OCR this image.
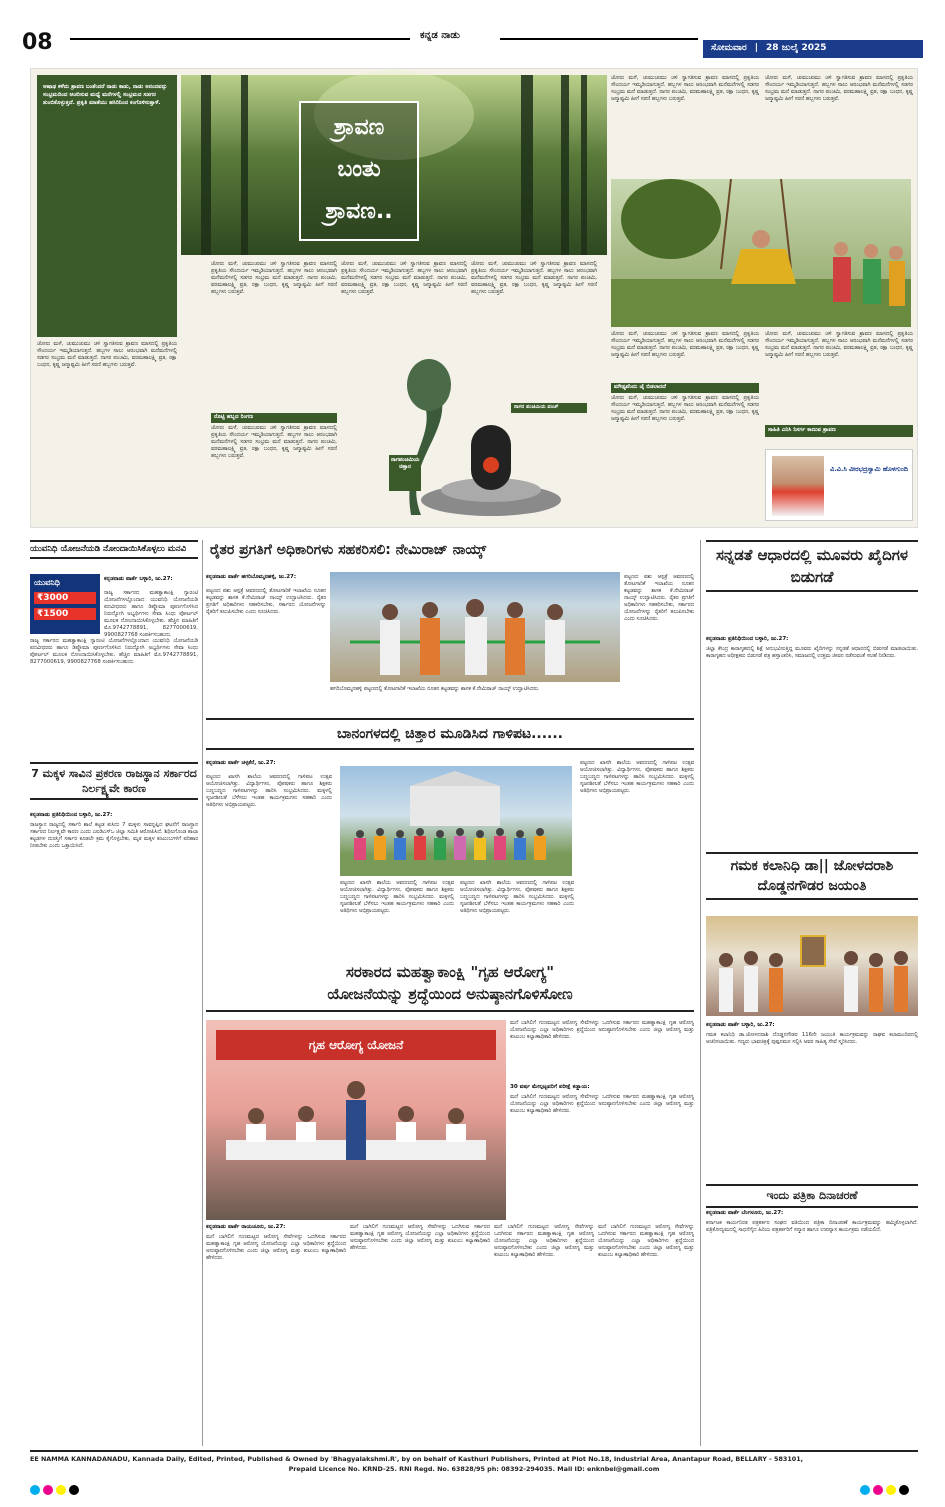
08	ಕನ್ನಡ ನಾಡು
ಸೋಮವಾರ | 28 ಜುಲೈ 2025
ಆಷಾಢ ಕಳೆದು ಶ್ರಾವಣ ಬಂತೆಂದರೆ ನಾಡು ಕಾಡು, ನಾಡು ಅನಂದವನ್ನು ಸಂಭ್ರಮದಿಂದ ಆಚರಿಸುವ ಮಧ್ಯೆ ಮನೆಗಳಲ್ಲಿ ಸಂಭ್ರಮದ ಸಡಗರ ತುಂಬಿಕೊಳ್ಳುತ್ತದೆ. ಪ್ರಕೃತಿ ಮಾತೆಯು ಹಸಿರಿನಿಂದ ಕಂಗೊಳಿಸುತ್ತಾಳೆ.
ಶ್ರಾವಣ
ಬಂತು
ಶ್ರಾವಣ..
ಜೋರು ಮಳೆ, ಚುಮುಚುಮು ಚಳಿ ಸ್ವಾಗತಿಸುವ ಶ್ರಾವಣ ಮಾಸದಲ್ಲಿ ಪ್ರಕೃತಿಯ ಸೌಂದರ್ಯ ಇಮ್ಮಡಿಯಾಗುತ್ತದೆ. ಹಬ್ಬಗಳ ಸಾಲು ಆರಂಭವಾಗಿ ಮನೆಮನೆಗಳಲ್ಲಿ ಸಡಗರ ಸಂಭ್ರಮ ಮನೆ ಮಾಡುತ್ತದೆ. ನಾಗರ ಪಂಚಮಿ, ವರಮಹಾಲಕ್ಷ್ಮಿ ವ್ರತ, ರಕ್ಷಾ ಬಂಧನ, ಕೃಷ್ಣ ಜನ್ಮಾಷ್ಟಮಿ ಹೀಗೆ ಸರಣಿ ಹಬ್ಬಗಳು ಬರುತ್ತವೆ.
ಜೋರು ಮಳೆ, ಚುಮುಚುಮು ಚಳಿ ಸ್ವಾಗತಿಸುವ ಶ್ರಾವಣ ಮಾಸದಲ್ಲಿ ಪ್ರಕೃತಿಯ ಸೌಂದರ್ಯ ಇಮ್ಮಡಿಯಾಗುತ್ತದೆ. ಹಬ್ಬಗಳ ಸಾಲು ಆರಂಭವಾಗಿ ಮನೆಮನೆಗಳಲ್ಲಿ ಸಡಗರ ಸಂಭ್ರಮ ಮನೆ ಮಾಡುತ್ತದೆ. ನಾಗರ ಪಂಚಮಿ, ವರಮಹಾಲಕ್ಷ್ಮಿ ವ್ರತ, ರಕ್ಷಾ ಬಂಧನ, ಕೃಷ್ಣ ಜನ್ಮಾಷ್ಟಮಿ ಹೀಗೆ ಸರಣಿ ಹಬ್ಬಗಳು ಬರುತ್ತವೆ.
ಜೋರು ಮಳೆ, ಚುಮುಚುಮು ಚಳಿ ಸ್ವಾಗತಿಸುವ ಶ್ರಾವಣ ಮಾಸದಲ್ಲಿ ಪ್ರಕೃತಿಯ ಸೌಂದರ್ಯ ಇಮ್ಮಡಿಯಾಗುತ್ತದೆ. ಹಬ್ಬಗಳ ಸಾಲು ಆರಂಭವಾಗಿ ಮನೆಮನೆಗಳಲ್ಲಿ ಸಡಗರ ಸಂಭ್ರಮ ಮನೆ ಮಾಡುತ್ತದೆ. ನಾಗರ ಪಂಚಮಿ, ವರಮಹಾಲಕ್ಷ್ಮಿ ವ್ರತ, ರಕ್ಷಾ ಬಂಧನ, ಕೃಷ್ಣ ಜನ್ಮಾಷ್ಟಮಿ ಹೀಗೆ ಸರಣಿ ಹಬ್ಬಗಳು ಬರುತ್ತವೆ.
ಜೋರು ಮಳೆ, ಚುಮುಚುಮು ಚಳಿ ಸ್ವಾಗತಿಸುವ ಶ್ರಾವಣ ಮಾಸದಲ್ಲಿ ಪ್ರಕೃತಿಯ ಸೌಂದರ್ಯ ಇಮ್ಮಡಿಯಾಗುತ್ತದೆ. ಹಬ್ಬಗಳ ಸಾಲು ಆರಂಭವಾಗಿ ಮನೆಮನೆಗಳಲ್ಲಿ ಸಡಗರ ಸಂಭ್ರಮ ಮನೆ ಮಾಡುತ್ತದೆ. ನಾಗರ ಪಂಚಮಿ, ವರಮಹಾಲಕ್ಷ್ಮಿ ವ್ರತ, ರಕ್ಷಾ ಬಂಧನ, ಕೃಷ್ಣ ಜನ್ಮಾಷ್ಟಮಿ ಹೀಗೆ ಸರಣಿ ಹಬ್ಬಗಳು ಬರುತ್ತವೆ.
ರೊಟ್ಟಿ ಹಬ್ಬದ ರಿಂಗಣ
ಜೋರು ಮಳೆ, ಚುಮುಚುಮು ಚಳಿ ಸ್ವಾಗತಿಸುವ ಶ್ರಾವಣ ಮಾಸದಲ್ಲಿ ಪ್ರಕೃತಿಯ ಸೌಂದರ್ಯ ಇಮ್ಮಡಿಯಾಗುತ್ತದೆ. ಹಬ್ಬಗಳ ಸಾಲು ಆರಂಭವಾಗಿ ಮನೆಮನೆಗಳಲ್ಲಿ ಸಡಗರ ಸಂಭ್ರಮ ಮನೆ ಮಾಡುತ್ತದೆ. ನಾಗರ ಪಂಚಮಿ, ವರಮಹಾಲಕ್ಷ್ಮಿ ವ್ರತ, ರಕ್ಷಾ ಬಂಧನ, ಕೃಷ್ಣ ಜನ್ಮಾಷ್ಟಮಿ ಹೀಗೆ ಸರಣಿ ಹಬ್ಬಗಳು ಬರುತ್ತವೆ.
ಜೋರು ಮಳೆ, ಚುಮುಚುಮು ಚಳಿ ಸ್ವಾಗತಿಸುವ ಶ್ರಾವಣ ಮಾಸದಲ್ಲಿ ಪ್ರಕೃತಿಯ ಸೌಂದರ್ಯ ಇಮ್ಮಡಿಯಾಗುತ್ತದೆ. ಹಬ್ಬಗಳ ಸಾಲು ಆರಂಭವಾಗಿ ಮನೆಮನೆಗಳಲ್ಲಿ ಸಡಗರ ಸಂಭ್ರಮ ಮನೆ ಮಾಡುತ್ತದೆ. ನಾಗರ ಪಂಚಮಿ, ವರಮಹಾಲಕ್ಷ್ಮಿ ವ್ರತ, ರಕ್ಷಾ ಬಂಧನ, ಕೃಷ್ಣ ಜನ್ಮಾಷ್ಟಮಿ ಹೀಗೆ ಸರಣಿ ಹಬ್ಬಗಳು ಬರುತ್ತವೆ.
ನಾಗಪಂಚಮಿಯ ಚಿತ್ತಾರ
ನಾಗರ ಪಂಚಮಿಯ ಪಂಚ್
ಜೋರು ಮಳೆ, ಚುಮುಚುಮು ಚಳಿ ಸ್ವಾಗತಿಸುವ ಶ್ರಾವಣ ಮಾಸದಲ್ಲಿ ಪ್ರಕೃತಿಯ ಸೌಂದರ್ಯ ಇಮ್ಮಡಿಯಾಗುತ್ತದೆ. ಹಬ್ಬಗಳ ಸಾಲು ಆರಂಭವಾಗಿ ಮನೆಮನೆಗಳಲ್ಲಿ ಸಡಗರ ಸಂಭ್ರಮ ಮನೆ ಮಾಡುತ್ತದೆ. ನಾಗರ ಪಂಚಮಿ, ವರಮಹಾಲಕ್ಷ್ಮಿ ವ್ರತ, ರಕ್ಷಾ ಬಂಧನ, ಕೃಷ್ಣ ಜನ್ಮಾಷ್ಟಮಿ ಹೀಗೆ ಸರಣಿ ಹಬ್ಬಗಳು ಬರುತ್ತವೆ.
ಜೋರು ಮಳೆ, ಚುಮುಚುಮು ಚಳಿ ಸ್ವಾಗತಿಸುವ ಶ್ರಾವಣ ಮಾಸದಲ್ಲಿ ಪ್ರಕೃತಿಯ ಸೌಂದರ್ಯ ಇಮ್ಮಡಿಯಾಗುತ್ತದೆ. ಹಬ್ಬಗಳ ಸಾಲು ಆರಂಭವಾಗಿ ಮನೆಮನೆಗಳಲ್ಲಿ ಸಡಗರ ಸಂಭ್ರಮ ಮನೆ ಮಾಡುತ್ತದೆ. ನಾಗರ ಪಂಚಮಿ, ವರಮಹಾಲಕ್ಷ್ಮಿ ವ್ರತ, ರಕ್ಷಾ ಬಂಧನ, ಕೃಷ್ಣ ಜನ್ಮಾಷ್ಟಮಿ ಹೀಗೆ ಸರಣಿ ಹಬ್ಬಗಳು ಬರುತ್ತವೆ.
ಮೌಢ್ಯವೆಂದು ಜೈ ಬಿಡಲಾರದೆ
ಜೋರು ಮಳೆ, ಚುಮುಚುಮು ಚಳಿ ಸ್ವಾಗತಿಸುವ ಶ್ರಾವಣ ಮಾಸದಲ್ಲಿ ಪ್ರಕೃತಿಯ ಸೌಂದರ್ಯ ಇಮ್ಮಡಿಯಾಗುತ್ತದೆ. ಹಬ್ಬಗಳ ಸಾಲು ಆರಂಭವಾಗಿ ಮನೆಮನೆಗಳಲ್ಲಿ ಸಡಗರ ಸಂಭ್ರಮ ಮನೆ ಮಾಡುತ್ತದೆ. ನಾಗರ ಪಂಚಮಿ, ವರಮಹಾಲಕ್ಷ್ಮಿ ವ್ರತ, ರಕ್ಷಾ ಬಂಧನ, ಕೃಷ್ಣ ಜನ್ಮಾಷ್ಟಮಿ ಹೀಗೆ ಸರಣಿ ಹಬ್ಬಗಳು ಬರುತ್ತವೆ.
ಜೋರು ಮಳೆ, ಚುಮುಚುಮು ಚಳಿ ಸ್ವಾಗತಿಸುವ ಶ್ರಾವಣ ಮಾಸದಲ್ಲಿ ಪ್ರಕೃತಿಯ ಸೌಂದರ್ಯ ಇಮ್ಮಡಿಯಾಗುತ್ತದೆ. ಹಬ್ಬಗಳ ಸಾಲು ಆರಂಭವಾಗಿ ಮನೆಮನೆಗಳಲ್ಲಿ ಸಡಗರ ಸಂಭ್ರಮ ಮನೆ ಮಾಡುತ್ತದೆ. ನಾಗರ ಪಂಚಮಿ, ವರಮಹಾಲಕ್ಷ್ಮಿ ವ್ರತ, ರಕ್ಷಾ ಬಂಧನ, ಕೃಷ್ಣ ಜನ್ಮಾಷ್ಟಮಿ ಹೀಗೆ ಸರಣಿ ಹಬ್ಬಗಳು ಬರುತ್ತವೆ.
ಸಾಹಿತಿ ಎನಿಸಿ ನಿಸರ್ಗ ಕಾಣುವ ಶ್ರಾವಣ
ವಿ.ವಿ.ಸಿ ವೀರಭದ್ರಸ್ವಾಮಿ ಹೊಳಗುಂದಿ
ಯುವನಿಧಿ ಯೋಜನೆಯಡಿ ನೋಂದಾಯಿಸಿಕೊಳ್ಳಲು ಮನವಿ
ಯುವನಿಧಿ
₹3000
₹1500
ಕನ್ನಡನಾಡು ವಾರ್ತೆ ಬಳ್ಳಾರಿ, ಜು.27:
ರಾಜ್ಯ ಸರ್ಕಾರದ ಮಹತ್ವಾಕಾಂಕ್ಷಿ ಗ್ಯಾರಂಟಿ ಯೋಜನೆಗಳಲ್ಲೊಂದಾದ ಯುವನಿಧಿ ಯೋಜನೆಯಡಿ ಪದವೀಧರರು ಹಾಗೂ ಡಿಪ್ಲೊಮಾ ಪೂರ್ಣಗೊಳಿಸಿದ ನಿರುದ್ಯೋಗಿ ಅಭ್ಯರ್ಥಿಗಳು ಸೇವಾ ಸಿಂಧು ಪೋರ್ಟಲ್ ಮೂಲಕ ನೋಂದಾಯಿಸಿಕೊಳ್ಳಬೇಕು. ಹೆಚ್ಚಿನ ಮಾಹಿತಿಗೆ ಮೊ.9742778891, 8277000619, 9900827768 ಸಂಪರ್ಕಿಸಬಹುದು.
ರಾಜ್ಯ ಸರ್ಕಾರದ ಮಹತ್ವಾಕಾಂಕ್ಷಿ ಗ್ಯಾರಂಟಿ ಯೋಜನೆಗಳಲ್ಲೊಂದಾದ ಯುವನಿಧಿ ಯೋಜನೆಯಡಿ ಪದವೀಧರರು ಹಾಗೂ ಡಿಪ್ಲೊಮಾ ಪೂರ್ಣಗೊಳಿಸಿದ ನಿರುದ್ಯೋಗಿ ಅಭ್ಯರ್ಥಿಗಳು ಸೇವಾ ಸಿಂಧು ಪೋರ್ಟಲ್ ಮೂಲಕ ನೋಂದಾಯಿಸಿಕೊಳ್ಳಬೇಕು. ಹೆಚ್ಚಿನ ಮಾಹಿತಿಗೆ ಮೊ.9742778891, 8277000619, 9900827768 ಸಂಪರ್ಕಿಸಬಹುದು.
7 ಮಕ್ಕಳ ಸಾವಿನ ಪ್ರಕರಣ ರಾಜಸ್ಥಾನ ಸರ್ಕಾರದ ನಿರ್ಲಕ್ಷ್ಯವೇ ಕಾರಣ
ಕನ್ನಡನಾಡು ಪ್ರತಿನಿಧಿಯಿಂದ ಬಳ್ಳಾರಿ, ಜು.27:
ರಾಜಸ್ಥಾನ ರಾಜ್ಯದಲ್ಲಿ ಸರ್ಕಾರಿ ಶಾಲೆ ಕಟ್ಟಡ ಕುಸಿದು 7 ಮಕ್ಕಳು ಸಾವನ್ನಪ್ಪಿದ ಘಟನೆಗೆ ರಾಜಸ್ಥಾನ ಸರ್ಕಾರದ ನಿರ್ಲಕ್ಷ್ಯವೇ ಕಾರಣ ಎಂದು ಎಐಡಿಎಸ್‌ಒ ಜಿಲ್ಲಾ ಸಮಿತಿ ಆರೋಪಿಸಿದೆ. ಶಿಥಿಲಗೊಂಡ ಶಾಲಾ ಕಟ್ಟಡಗಳ ದುರಸ್ತಿಗೆ ಸರ್ಕಾರ ಕೂಡಲೇ ಕ್ರಮ ಕೈಗೊಳ್ಳಬೇಕು, ಮೃತ ಮಕ್ಕಳ ಕುಟುಂಬಗಳಿಗೆ ಪರಿಹಾರ ನೀಡಬೇಕು ಎಂದು ಒತ್ತಾಯಿಸಿದೆ.
ರೈತರ ಪ್ರಗತಿಗೆ ಅಧಿಕಾರಿಗಳು ಸಹಕರಿಸಲಿ: ನೇಮಿರಾಜ್ ನಾಯ್ಕ್
ಕನ್ನಡನಾಡು ವಾರ್ತೆ ಹಗರಿಬೊಮ್ಮನಹಳ್ಳಿ, ಜು.27:
ಪಟ್ಟಣದ ಪಶು ಆಸ್ಪತ್ರೆ ಆವರಣದಲ್ಲಿ ತೋಟಗಾರಿಕೆ ಇಲಾಖೆಯ ನೂತನ ಕಟ್ಟಡವನ್ನು ಶಾಸಕ ಕೆ.ನೇಮಿರಾಜ್ ನಾಯ್ಕ್ ಉದ್ಘಾಟಿಸಿದರು. ರೈತರ ಪ್ರಗತಿಗೆ ಅಧಿಕಾರಿಗಳು ಸಹಕರಿಸಬೇಕು, ಸರ್ಕಾರದ ಯೋಜನೆಗಳನ್ನು ರೈತರಿಗೆ ತಲುಪಿಸಬೇಕು ಎಂದು ಸೂಚಿಸಿದರು.
ಪಟ್ಟಣದ ಪಶು ಆಸ್ಪತ್ರೆ ಆವರಣದಲ್ಲಿ ತೋಟಗಾರಿಕೆ ಇಲಾಖೆಯ ನೂತನ ಕಟ್ಟಡವನ್ನು ಶಾಸಕ ಕೆ.ನೇಮಿರಾಜ್ ನಾಯ್ಕ್ ಉದ್ಘಾಟಿಸಿದರು. ರೈತರ ಪ್ರಗತಿಗೆ ಅಧಿಕಾರಿಗಳು ಸಹಕರಿಸಬೇಕು, ಸರ್ಕಾರದ ಯೋಜನೆಗಳನ್ನು ರೈತರಿಗೆ ತಲುಪಿಸಬೇಕು ಎಂದು ಸೂಚಿಸಿದರು.
ಹಗರಿಬೊಮ್ಮನಹಳ್ಳಿ ಪಟ್ಟಣದಲ್ಲಿ ತೋಟಗಾರಿಕೆ ಇಲಾಖೆಯ ನೂತನ ಕಟ್ಟಡವನ್ನು ಶಾಸಕ ಕೆ.ನೇಮಿರಾಜ್ ನಾಯ್ಕ್ ಉದ್ಘಾಟಿಸಿದರು.
ಬಾನಂಗಳದಲ್ಲಿ ಚಿತ್ತಾರ ಮೂಡಿಸಿದ ಗಾಳಿಪಟ......
ಕನ್ನಡನಾಡು ವಾರ್ತೆ ಚಳ್ಳಕೆರೆ, ಜು.27:
ಪಟ್ಟಣದ ಖಾಸಗಿ ಶಾಲೆಯ ಆವರಣದಲ್ಲಿ ಗಾಳಿಪಟ ಉತ್ಸವ ಆಯೋಜಿಸಲಾಗಿತ್ತು. ವಿದ್ಯಾರ್ಥಿಗಳು, ಪೋಷಕರು ಹಾಗೂ ಶಿಕ್ಷಕರು ಬಣ್ಣಬಣ್ಣದ ಗಾಳಿಪಟಗಳನ್ನು ಹಾರಿಸಿ ಸಂಭ್ರಮಿಸಿದರು. ಮಕ್ಕಳಲ್ಲಿ ಸೃಜನಶೀಲತೆ ಬೆಳೆಸಲು ಇಂತಹ ಕಾರ್ಯಕ್ರಮಗಳು ಸಹಕಾರಿ ಎಂದು ಅತಿಥಿಗಳು ಅಭಿಪ್ರಾಯಪಟ್ಟರು.
ಪಟ್ಟಣದ ಖಾಸಗಿ ಶಾಲೆಯ ಆವರಣದಲ್ಲಿ ಗಾಳಿಪಟ ಉತ್ಸವ ಆಯೋಜಿಸಲಾಗಿತ್ತು. ವಿದ್ಯಾರ್ಥಿಗಳು, ಪೋಷಕರು ಹಾಗೂ ಶಿಕ್ಷಕರು ಬಣ್ಣಬಣ್ಣದ ಗಾಳಿಪಟಗಳನ್ನು ಹಾರಿಸಿ ಸಂಭ್ರಮಿಸಿದರು. ಮಕ್ಕಳಲ್ಲಿ ಸೃಜನಶೀಲತೆ ಬೆಳೆಸಲು ಇಂತಹ ಕಾರ್ಯಕ್ರಮಗಳು ಸಹಕಾರಿ ಎಂದು ಅತಿಥಿಗಳು ಅಭಿಪ್ರಾಯಪಟ್ಟರು.
ಪಟ್ಟಣದ ಖಾಸಗಿ ಶಾಲೆಯ ಆವರಣದಲ್ಲಿ ಗಾಳಿಪಟ ಉತ್ಸವ ಆಯೋಜಿಸಲಾಗಿತ್ತು. ವಿದ್ಯಾರ್ಥಿಗಳು, ಪೋಷಕರು ಹಾಗೂ ಶಿಕ್ಷಕರು ಬಣ್ಣಬಣ್ಣದ ಗಾಳಿಪಟಗಳನ್ನು ಹಾರಿಸಿ ಸಂಭ್ರಮಿಸಿದರು. ಮಕ್ಕಳಲ್ಲಿ ಸೃಜನಶೀಲತೆ ಬೆಳೆಸಲು ಇಂತಹ ಕಾರ್ಯಕ್ರಮಗಳು ಸಹಕಾರಿ ಎಂದು ಅತಿಥಿಗಳು ಅಭಿಪ್ರಾಯಪಟ್ಟರು.
ಪಟ್ಟಣದ ಖಾಸಗಿ ಶಾಲೆಯ ಆವರಣದಲ್ಲಿ ಗಾಳಿಪಟ ಉತ್ಸವ ಆಯೋಜಿಸಲಾಗಿತ್ತು. ವಿದ್ಯಾರ್ಥಿಗಳು, ಪೋಷಕರು ಹಾಗೂ ಶಿಕ್ಷಕರು ಬಣ್ಣಬಣ್ಣದ ಗಾಳಿಪಟಗಳನ್ನು ಹಾರಿಸಿ ಸಂಭ್ರಮಿಸಿದರು. ಮಕ್ಕಳಲ್ಲಿ ಸೃಜನಶೀಲತೆ ಬೆಳೆಸಲು ಇಂತಹ ಕಾರ್ಯಕ್ರಮಗಳು ಸಹಕಾರಿ ಎಂದು ಅತಿಥಿಗಳು ಅಭಿಪ್ರಾಯಪಟ್ಟರು.
ಸರಕಾರದ ಮಹತ್ವಾಕಾಂಕ್ಷಿ "ಗೃಹ ಆರೋಗ್ಯ"
ಯೋಜನೆಯನ್ನು ಶ್ರದ್ಧೆಯಿಂದ ಅನುಷ್ಠಾನಗೊಳಿಸೋಣ
ಗೃಹ ಆರೋಗ್ಯ ಯೋಜನೆ
ಮನೆ ಬಾಗಿಲಿಗೆ ಗುಣಮಟ್ಟದ ಆರೋಗ್ಯ ಸೇವೆಗಳನ್ನು ಒದಗಿಸುವ ಸರ್ಕಾರದ ಮಹತ್ವಾಕಾಂಕ್ಷಿ ಗೃಹ ಆರೋಗ್ಯ ಯೋಜನೆಯನ್ನು ಎಲ್ಲಾ ಅಧಿಕಾರಿಗಳು ಶ್ರದ್ಧೆಯಿಂದ ಅನುಷ್ಠಾನಗೊಳಿಸಬೇಕು ಎಂದು ಜಿಲ್ಲಾ ಆರೋಗ್ಯ ಮತ್ತು ಕುಟುಂಬ ಕಲ್ಯಾಣಾಧಿಕಾರಿ ಹೇಳಿದರು.
30 ವರ್ಷ ಮೇಲ್ಪಟ್ಟವರಿಗೆ ಪರೀಕ್ಷೆ ಕಡ್ಡಾಯ:
ಮನೆ ಬಾಗಿಲಿಗೆ ಗುಣಮಟ್ಟದ ಆರೋಗ್ಯ ಸೇವೆಗಳನ್ನು ಒದಗಿಸುವ ಸರ್ಕಾರದ ಮಹತ್ವಾಕಾಂಕ್ಷಿ ಗೃಹ ಆರೋಗ್ಯ ಯೋಜನೆಯನ್ನು ಎಲ್ಲಾ ಅಧಿಕಾರಿಗಳು ಶ್ರದ್ಧೆಯಿಂದ ಅನುಷ್ಠಾನಗೊಳಿಸಬೇಕು ಎಂದು ಜಿಲ್ಲಾ ಆರೋಗ್ಯ ಮತ್ತು ಕುಟುಂಬ ಕಲ್ಯಾಣಾಧಿಕಾರಿ ಹೇಳಿದರು.
ಕನ್ನಡನಾಡು ವಾರ್ತೆ ರಾಯಚೂರು, ಜು.27:
ಮನೆ ಬಾಗಿಲಿಗೆ ಗುಣಮಟ್ಟದ ಆರೋಗ್ಯ ಸೇವೆಗಳನ್ನು ಒದಗಿಸುವ ಸರ್ಕಾರದ ಮಹತ್ವಾಕಾಂಕ್ಷಿ ಗೃಹ ಆರೋಗ್ಯ ಯೋಜನೆಯನ್ನು ಎಲ್ಲಾ ಅಧಿಕಾರಿಗಳು ಶ್ರದ್ಧೆಯಿಂದ ಅನುಷ್ಠಾನಗೊಳಿಸಬೇಕು ಎಂದು ಜಿಲ್ಲಾ ಆರೋಗ್ಯ ಮತ್ತು ಕುಟುಂಬ ಕಲ್ಯಾಣಾಧಿಕಾರಿ ಹೇಳಿದರು.
ಮನೆ ಬಾಗಿಲಿಗೆ ಗುಣಮಟ್ಟದ ಆರೋಗ್ಯ ಸೇವೆಗಳನ್ನು ಒದಗಿಸುವ ಸರ್ಕಾರದ ಮಹತ್ವಾಕಾಂಕ್ಷಿ ಗೃಹ ಆರೋಗ್ಯ ಯೋಜನೆಯನ್ನು ಎಲ್ಲಾ ಅಧಿಕಾರಿಗಳು ಶ್ರದ್ಧೆಯಿಂದ ಅನುಷ್ಠಾನಗೊಳಿಸಬೇಕು ಎಂದು ಜಿಲ್ಲಾ ಆರೋಗ್ಯ ಮತ್ತು ಕುಟುಂಬ ಕಲ್ಯಾಣಾಧಿಕಾರಿ ಹೇಳಿದರು.
ಮನೆ ಬಾಗಿಲಿಗೆ ಗುಣಮಟ್ಟದ ಆರೋಗ್ಯ ಸೇವೆಗಳನ್ನು ಒದಗಿಸುವ ಸರ್ಕಾರದ ಮಹತ್ವಾಕಾಂಕ್ಷಿ ಗೃಹ ಆರೋಗ್ಯ ಯೋಜನೆಯನ್ನು ಎಲ್ಲಾ ಅಧಿಕಾರಿಗಳು ಶ್ರದ್ಧೆಯಿಂದ ಅನುಷ್ಠಾನಗೊಳಿಸಬೇಕು ಎಂದು ಜಿಲ್ಲಾ ಆರೋಗ್ಯ ಮತ್ತು ಕುಟುಂಬ ಕಲ್ಯಾಣಾಧಿಕಾರಿ ಹೇಳಿದರು.
ಮನೆ ಬಾಗಿಲಿಗೆ ಗುಣಮಟ್ಟದ ಆರೋಗ್ಯ ಸೇವೆಗಳನ್ನು ಒದಗಿಸುವ ಸರ್ಕಾರದ ಮಹತ್ವಾಕಾಂಕ್ಷಿ ಗೃಹ ಆರೋಗ್ಯ ಯೋಜನೆಯನ್ನು ಎಲ್ಲಾ ಅಧಿಕಾರಿಗಳು ಶ್ರದ್ಧೆಯಿಂದ ಅನುಷ್ಠಾನಗೊಳಿಸಬೇಕು ಎಂದು ಜಿಲ್ಲಾ ಆರೋಗ್ಯ ಮತ್ತು ಕುಟುಂಬ ಕಲ್ಯಾಣಾಧಿಕಾರಿ ಹೇಳಿದರು.
ಸನ್ನಡತೆ ಆಧಾರದಲ್ಲಿ ಮೂವರು ಖೈದಿಗಳ ಬಿಡುಗಡೆ
ಕನ್ನಡನಾಡು ಪ್ರತಿನಿಧಿಯಿಂದ ಬಳ್ಳಾರಿ, ಜು.27:
ಜಿಲ್ಲಾ ಕೇಂದ್ರ ಕಾರಾಗೃಹದಲ್ಲಿ ಶಿಕ್ಷೆ ಅನುಭವಿಸುತ್ತಿದ್ದ ಮೂವರು ಖೈದಿಗಳನ್ನು ಸನ್ನಡತೆ ಆಧಾರದಲ್ಲಿ ಬಿಡುಗಡೆ ಮಾಡಲಾಯಿತು. ಕಾರಾಗೃಹದ ಅಧೀಕ್ಷಕರು ಬಿಡುಗಡೆ ಪತ್ರ ಹಸ್ತಾಂತರಿಸಿ, ಸಮಾಜದಲ್ಲಿ ಉತ್ತಮ ಜೀವನ ನಡೆಸುವಂತೆ ಸಲಹೆ ನೀಡಿದರು.
ಗಮಕ ಕಲಾನಿಧಿ ಡಾ|| ಜೋಳದರಾಶಿ ದೊಡ್ಡನಗೌಡರ ಜಯಂತಿ
ಕನ್ನಡನಾಡು ವಾರ್ತೆ ಬಳ್ಳಾರಿ, ಜು.27:
ಗಮಕ ಕಲಾನಿಧಿ ಡಾ.ಜೋಳದರಾಶಿ ದೊಡ್ಡನಗೌಡರ 116ನೇ ಜಯಂತಿ ಕಾರ್ಯಕ್ರಮವನ್ನು ರಾಘವ ಕಲಾಮಂದಿರದಲ್ಲಿ ಆಚರಿಸಲಾಯಿತು. ಗಣ್ಯರು ಭಾವಚಿತ್ರಕ್ಕೆ ಪುಷ್ಪನಮನ ಸಲ್ಲಿಸಿ ಅವರ ಸಾಹಿತ್ಯ ಸೇವೆ ಸ್ಮರಿಸಿದರು.
ಇಂದು ಪತ್ರಿಕಾ ದಿನಾಚರಣೆ
ಕನ್ನಡನಾಡು ವಾರ್ತೆ ಬೆಂಗಳೂರು, ಜು.27:
ಕರ್ನಾಟಕ ಕಾರ್ಯನಿರತ ಪತ್ರಕರ್ತರ ಸಂಘದ ವತಿಯಿಂದ ಪತ್ರಿಕಾ ದಿನಾಚರಣೆ ಕಾರ್ಯಕ್ರಮವನ್ನು ಹಮ್ಮಿಕೊಳ್ಳಲಾಗಿದೆ. ಪತ್ರಿಕೋದ್ಯಮದಲ್ಲಿ ಸಾಧನೆಗೈದ ಹಿರಿಯ ಪತ್ರಕರ್ತರಿಗೆ ಸನ್ಮಾನ ಹಾಗೂ ಉಪನ್ಯಾಸ ಕಾರ್ಯಕ್ರಮ ನಡೆಯಲಿದೆ.
EE NAMMA KANNADANADU, Kannada Daily, Edited, Printed, Published & Owned by 'Bhagyalakshmi.R', by on behalf of Kasthuri Publishers, Printed at Plot No.18, Industrial Area, Anantapur Road, BELLARY - 583101,
Prepaid Licence No. KRND-25. RNI Regd. No. 63828/95 ph: 08392-294035. Mail ID: enknbel@gmail.com
